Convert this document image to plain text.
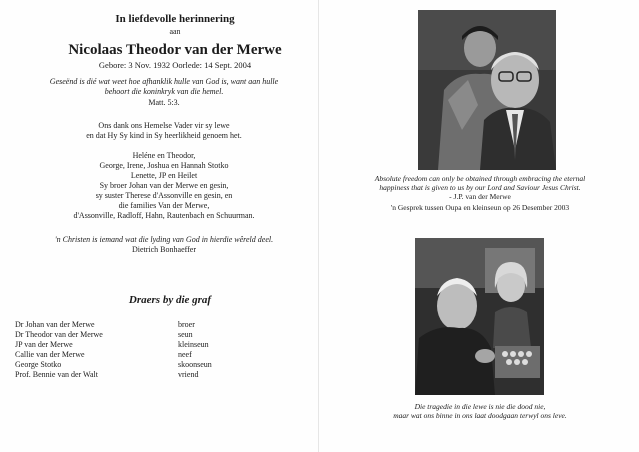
In liefdevolle herinnering
aan
Nicolaas Theodor van der Merwe
Gebore: 3 Nov. 1932 Oorlede: 14 Sept. 2004
Geseënd is dié wat weet hoe afhanklik hulle van God is, want aan hulle
behoort die koninkryk van die hemel.
Matt. 5:3.
Ons dank ons Hemelse Vader vir sy lewe
en dat Hy Sy kind in Sy heerlikheid genoem het.
Heléne en Theodor,
George, Irene, Joshua en Hannah Stotko
Lenette, JP en Heilet
Sy broer Johan van der Merwe en gesin,
sy suster Therese d'Assonville en gesin, en
die families Van der Merwe,
d'Assonville, Radloff, Hahn, Rautenbach en Schuurman.
'n Christen is iemand wat die lyding van God in hierdie wêreld deel.
Dietrich Bonhaeffer
Draers by die graf
Dr Johan van der Merwe	broer
Dr Theodor van der Merwe	seun
JP van der Merwe	kleinseun
Callie van der Merwe	neef
George Stotko	skoonseun
Prof. Bennie van der Walt	vriend
Absolute freedom can only be obtained through embracing the eternal
happiness that is given to us by our Lord and Saviour Jesus Christ.
- J.P. van der Merwe
'n Gesprek tussen Oupa en kleinseun op 26 Desember 2003
Die tragedie in die lewe is nie die dood nie,
maar wat ons binne in ons laat doodgaan terwyl ons leve.
